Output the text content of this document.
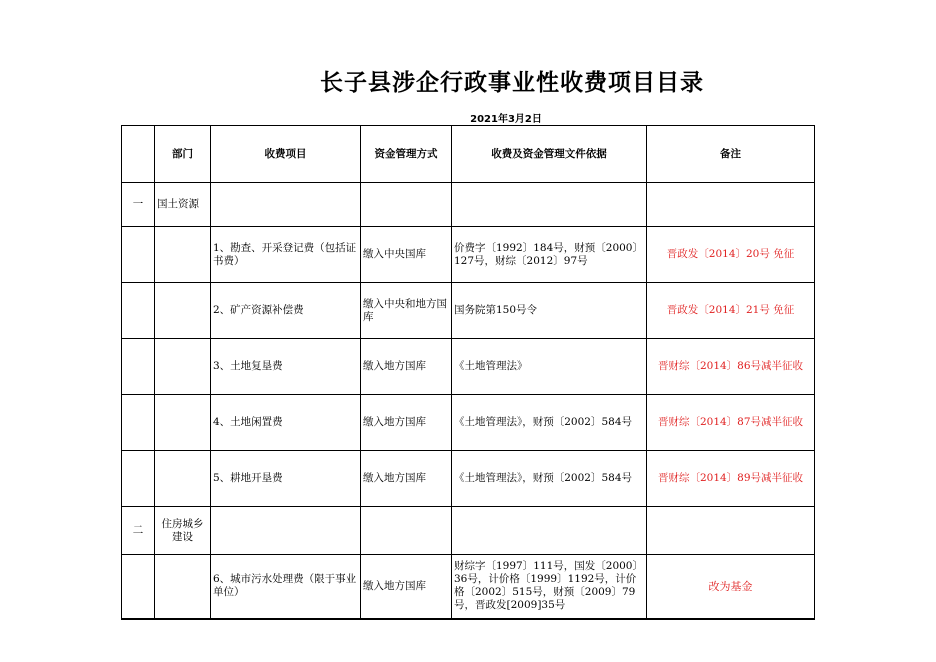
长子县涉企行政事业性收费项目目录
2021年3月2日
	部门	收费项目	资金管理方式	收费及资金管理文件依据	备注
一	国土资源				
		1、勘查、开采登记费（包括证书费）	缴入中央国库	价费字〔1992〕184号，财预〔2000〕127号，财综〔2012〕97号	晋政发〔2014〕20号 免征
		2、矿产资源补偿费	缴入中央和地方国库	国务院第150号令	晋政发〔2014〕21号 免征
		3、土地复垦费	缴入地方国库	《土地管理法》	晋财综〔2014〕86号减半征收
		4、土地闲置费	缴入地方国库	《土地管理法》，财预〔2002〕584号	晋财综〔2014〕87号减半征收
		5、耕地开垦费	缴入地方国库	《土地管理法》，财预〔2002〕584号	晋财综〔2014〕89号减半征收
二	住房城乡建设				
		6、城市污水处理费（限于事业单位）	缴入地方国库	财综字〔1997〕111号，国发〔2000〕36号，计价格〔1999〕1192号，计价格〔2002〕515号，财预〔2009〕79号，晋政发[2009]35号	改为基金
